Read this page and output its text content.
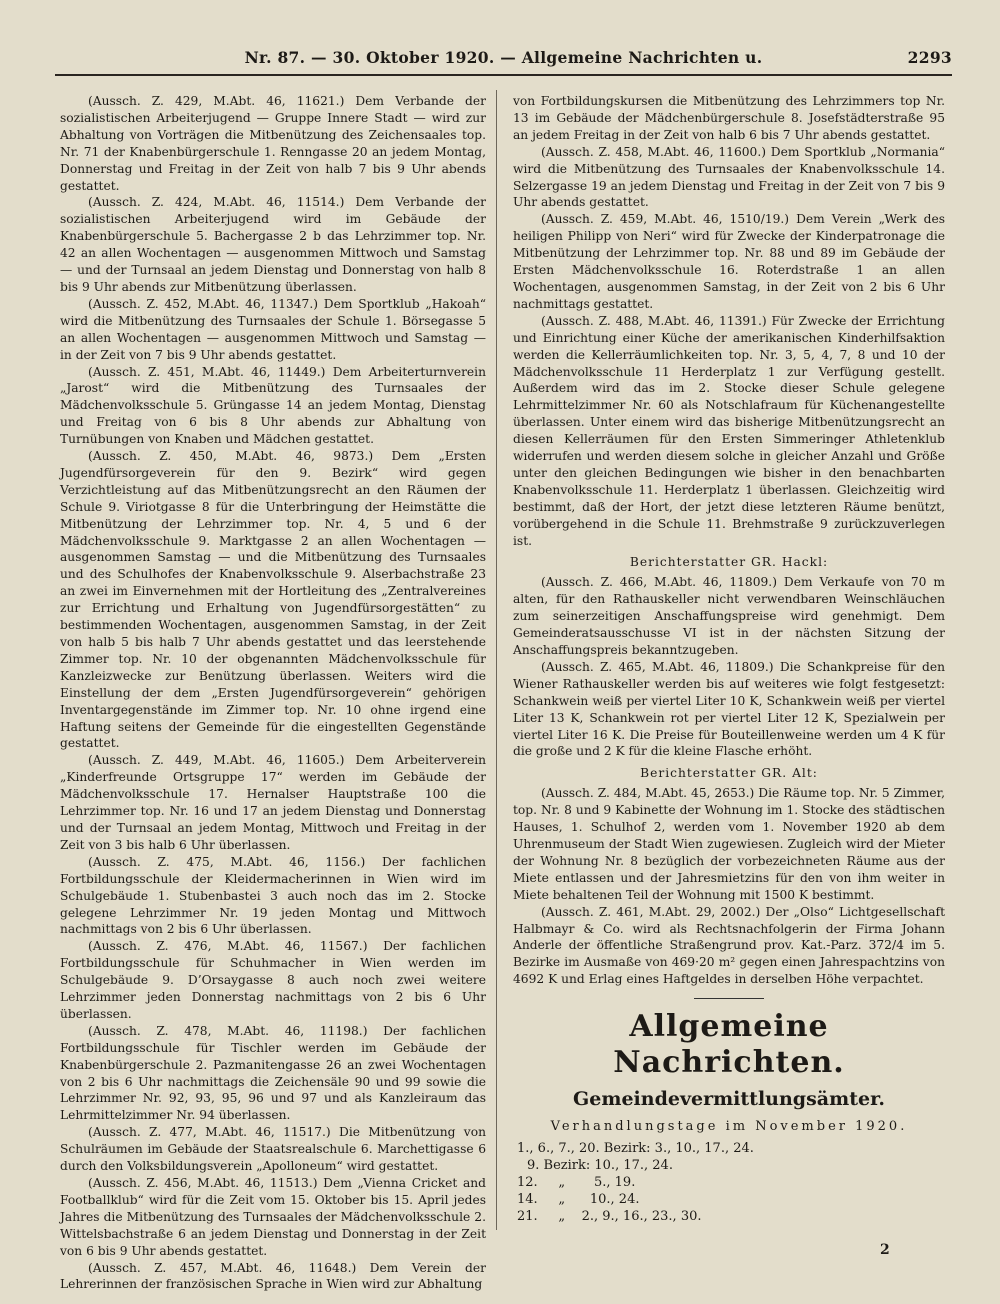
Nr. 87. — 30. Oktober 1920. — Allgemeine Nachrichten u.	2293

(Aussch. Z. 429, M.Abt. 46, 11621.) Dem Verbande der sozialistischen Arbeiterjugend — Gruppe Innere Stadt — wird zur Abhaltung von Vorträgen die Mitbenützung des Zeichensaales top. Nr. 71 der Knabenbürgerschule 1. Renngasse 20 an jedem Montag, Donnerstag und Freitag in der Zeit von halb 7 bis 9 Uhr abends gestattet.

(Aussch. Z. 424, M.Abt. 46, 11514.) Dem Verbande der sozialistischen Arbeiterjugend wird im Gebäude der Knabenbürgerschule 5. Bachergasse 2 b das Lehrzimmer top. Nr. 42 an allen Wochentagen — ausgenommen Mittwoch und Samstag — und der Turnsaal an jedem Dienstag und Donnerstag von halb 8 bis 9 Uhr abends zur Mitbenützung überlassen.

(Aussch. Z. 452, M.Abt. 46, 11347.) Dem Sportklub „Hakoah“ wird die Mitbenützung des Turnsaales der Schule 1. Börsegasse 5 an allen Wochentagen — ausgenommen Mittwoch und Samstag — in der Zeit von 7 bis 9 Uhr abends gestattet.

(Aussch. Z. 451, M.Abt. 46, 11449.) Dem Arbeiterturnverein „Jarost“ wird die Mitbenützung des Turnsaales der Mädchenvolksschule 5. Grüngasse 14 an jedem Montag, Dienstag und Freitag von 6 bis 8 Uhr abends zur Abhaltung von Turnübungen von Knaben und Mädchen gestattet.

(Aussch. Z. 450, M.Abt. 46, 9873.) Dem „Ersten Jugendfürsorgeverein für den 9. Bezirk“ wird gegen Verzichtleistung auf das Mitbenützungsrecht an den Räumen der Schule 9. Viriotgasse 8 für die Unterbringung der Heimstätte die Mitbenützung der Lehrzimmer top. Nr. 4, 5 und 6 der Mädchenvolksschule 9. Marktgasse 2 an allen Wochentagen — ausgenommen Samstag — und die Mitbenützung des Turnsaales und des Schulhofes der Knabenvolksschule 9. Alserbachstraße 23 an zwei im Einvernehmen mit der Hortleitung des „Zentralvereines zur Errichtung und Erhaltung von Jugendfürsorgestätten“ zu bestimmenden Wochentagen, ausgenommen Samstag, in der Zeit von halb 5 bis halb 7 Uhr abends gestattet und das leerstehende Zimmer top. Nr. 10 der obgenannten Mädchenvolksschule für Kanzleizwecke zur Benützung überlassen. Weiters wird die Einstellung der dem „Ersten Jugendfürsorgeverein“ gehörigen Inventargegenstände im Zimmer top. Nr. 10 ohne irgend eine Haftung seitens der Gemeinde für die eingestellten Gegenstände gestattet.

(Aussch. Z. 449, M.Abt. 46, 11605.) Dem Arbeiterverein „Kinderfreunde Ortsgruppe 17“ werden im Gebäude der Mädchenvolksschule 17. Hernalser Hauptstraße 100 die Lehrzimmer top. Nr. 16 und 17 an jedem Dienstag und Donnerstag und der Turnsaal an jedem Montag, Mittwoch und Freitag in der Zeit von 3 bis halb 6 Uhr überlassen.

(Aussch. Z. 475, M.Abt. 46, 1156.) Der fachlichen Fortbildungsschule der Kleidermacherinnen in Wien wird im Schulgebäude 1. Stubenbastei 3 auch noch das im 2. Stocke gelegene Lehrzimmer Nr. 19 jeden Montag und Mittwoch nachmittags von 2 bis 6 Uhr überlassen.

(Aussch. Z. 476, M.Abt. 46, 11567.) Der fachlichen Fortbildungsschule für Schuhmacher in Wien werden im Schulgebäude 9. D’Orsaygasse 8 auch noch zwei weitere Lehrzimmer jeden Donnerstag nachmittags von 2 bis 6 Uhr überlassen.

(Aussch. Z. 478, M.Abt. 46, 11198.) Der fachlichen Fortbildungsschule für Tischler werden im Gebäude der Knabenbürgerschule 2. Pazmanitengasse 26 an zwei Wochentagen von 2 bis 6 Uhr nachmittags die Zeichensäle 90 und 99 sowie die Lehrzimmer Nr. 92, 93, 95, 96 und 97 und als Kanzleiraum das Lehrmittelzimmer Nr. 94 überlassen.

(Aussch. Z. 477, M.Abt. 46, 11517.) Die Mitbenützung von Schulräumen im Gebäude der Staatsrealschule 6. Marchettigasse 6 durch den Volksbildungsverein „Apolloneum“ wird gestattet.

(Aussch. Z. 456, M.Abt. 46, 11513.) Dem „Vienna Cricket and Footballklub“ wird für die Zeit vom 15. Oktober bis 15. April jedes Jahres die Mitbenützung des Turnsaales der Mädchenvolksschule 2. Wittelsbachstraße 6 an jedem Dienstag und Donnerstag in der Zeit von 6 bis 9 Uhr abends gestattet.

(Aussch. Z. 457, M.Abt. 46, 11648.) Dem Verein der Lehrerinnen der französischen Sprache in Wien wird zur Abhaltung

von Fortbildungskursen die Mitbenützung des Lehrzimmers top Nr. 13 im Gebäude der Mädchenbürgerschule 8. Josefstädterstraße 95 an jedem Freitag in der Zeit von halb 6 bis 7 Uhr abends gestattet.

(Aussch. Z. 458, M.Abt. 46, 11600.) Dem Sportklub „Normania“ wird die Mitbenützung des Turnsaales der Knabenvolksschule 14. Selzergasse 19 an jedem Dienstag und Freitag in der Zeit von 7 bis 9 Uhr abends gestattet.

(Aussch. Z. 459, M.Abt. 46, 1510/19.) Dem Verein „Werk des heiligen Philipp von Neri“ wird für Zwecke der Kinderpatronage die Mitbenützung der Lehrzimmer top. Nr. 88 und 89 im Gebäude der Ersten Mädchenvolksschule 16. Roterdstraße 1 an allen Wochentagen, ausgenommen Samstag, in der Zeit von 2 bis 6 Uhr nachmittags gestattet.

(Aussch. Z. 488, M.Abt. 46, 11391.) Für Zwecke der Errichtung und Einrichtung einer Küche der amerikanischen Kinderhilfsaktion werden die Kellerräumlichkeiten top. Nr. 3, 5, 4, 7, 8 und 10 der Mädchenvolksschule 11 Herderplatz 1 zur Verfügung gestellt. Außerdem wird das im 2. Stocke dieser Schule gelegene Lehrmittelzimmer Nr. 60 als Notschlafraum für Küchenangestellte überlassen. Unter einem wird das bisherige Mitbenützungsrecht an diesen Kellerräumen für den Ersten Simmeringer Athletenklub widerrufen und werden diesem solche in gleicher Anzahl und Größe unter den gleichen Bedingungen wie bisher in den benachbarten Knabenvolksschule 11. Herderplatz 1 überlassen. Gleichzeitig wird bestimmt, daß der Hort, der jetzt diese letzteren Räume benützt, vorübergehend in die Schule 11. Brehmstraße 9 zurückzuverlegen ist.

Berichterstatter GR. Hackl:

(Aussch. Z. 466, M.Abt. 46, 11809.) Dem Verkaufe von 70 m alten, für den Rathauskeller nicht verwendbaren Weinschläuchen zum seinerzeitigen Anschaffungspreise wird genehmigt. Dem Gemeinderatsausschusse VI ist in der nächsten Sitzung der Anschaffungspreis bekanntzugeben.

(Aussch. Z. 465, M.Abt. 46, 11809.) Die Schankpreise für den Wiener Rathauskeller werden bis auf weiteres wie folgt festgesetzt: Schankwein weiß per viertel Liter 10 K, Schankwein weiß per viertel Liter 13 K, Schankwein rot per viertel Liter 12 K, Spezialwein per viertel Liter 16 K. Die Preise für Bouteillenweine werden um 4 K für die große und 2 K für die kleine Flasche erhöht.

Berichterstatter GR. Alt:

(Aussch. Z. 484, M.Abt. 45, 2653.) Die Räume top. Nr. 5 Zimmer, top. Nr. 8 und 9 Kabinette der Wohnung im 1. Stocke des städtischen Hauses, 1. Schulhof 2, werden vom 1. November 1920 ab dem Uhrenmuseum der Stadt Wien zugewiesen. Zugleich wird der Mieter der Wohnung Nr. 8 bezüglich der vorbezeichneten Räume aus der Miete entlassen und der Jahresmietzins für den von ihm weiter in Miete behaltenen Teil der Wohnung mit 1500 K bestimmt.

(Aussch. Z. 461, M.Abt. 29, 2002.) Der „Olso“ Lichtgesellschaft Halbmayr & Co. wird als Rechtsnachfolgerin der Firma Johann Anderle der öffentliche Straßengrund prov. Kat.-Parz. 372/4 im 5. Bezirke im Ausmaße von 469·20 m² gegen einen Jahrespachtzins von 4692 K und Erlag eines Haftgeldes in derselben Höhe verpachtet.

Allgemeine Nachrichten.
Gemeindevermittlungsämter.
Verhandlungstage im November 1920.
1., 6., 7., 20. Bezirk: 3., 10., 17., 24.
9. Bezirk: 10., 17., 24.
12.     „       5., 19.
14.     „      10., 24.
21.     „    2., 9., 16., 23., 30.
2
